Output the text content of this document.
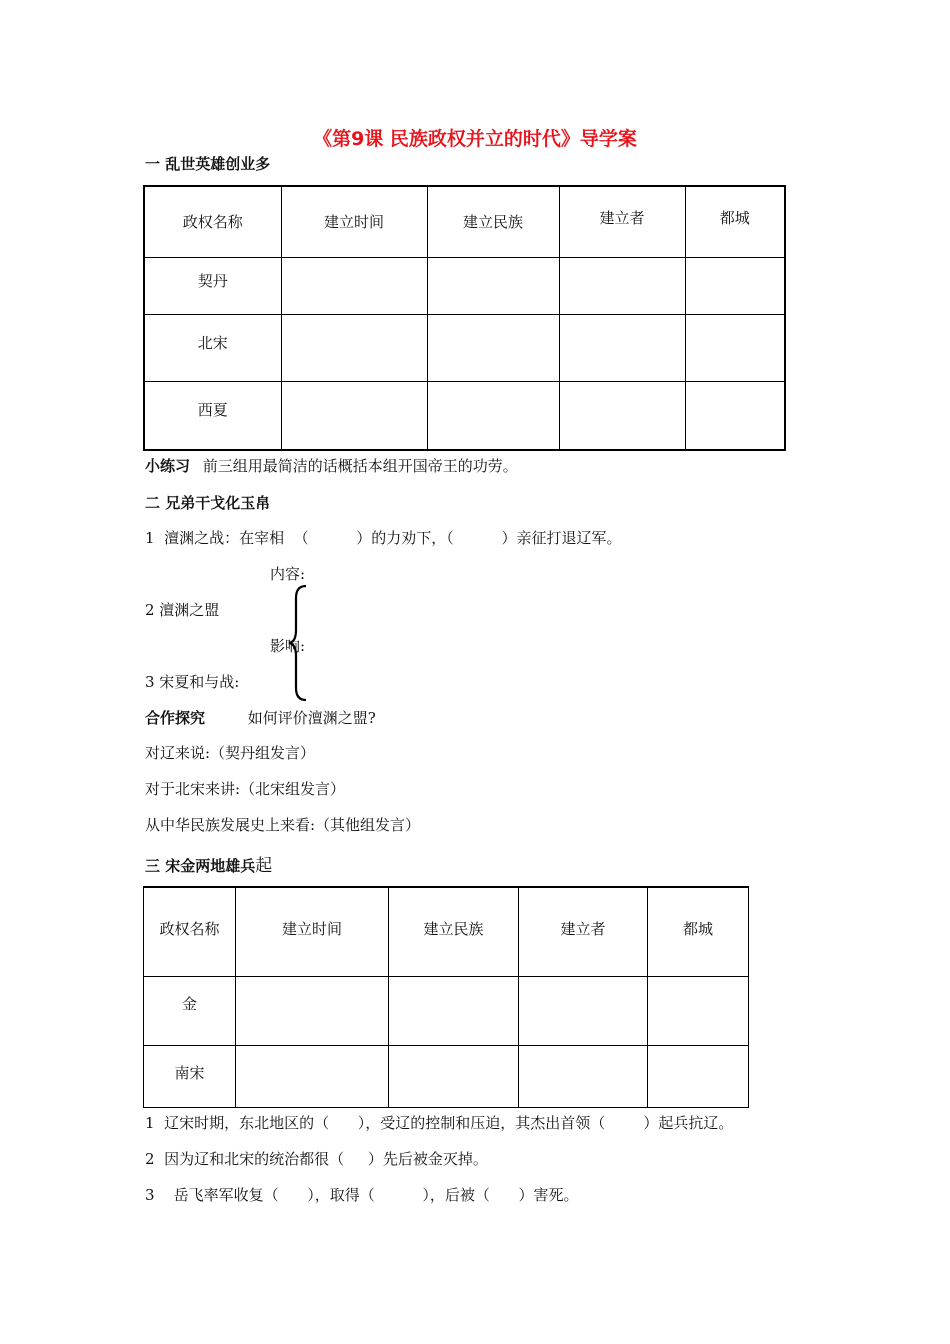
《第9课 民族政权并立的时代》导学案
一 乱世英雄创业多
政权名称	建立时间	建立民族	建立者	都城
契丹				
北宋				
西夏				
小练习 前三组用最简洁的话概括本组开国帝王的功劳。
二 兄弟干戈化玉帛
1  澶渊之战：在宰相  （          ）的力劝下，（          ）亲征打退辽军。
内容:
2 澶渊之盟
影响:
3 宋夏和与战:
合作探究	如何评价澶渊之盟?
对辽来说:（契丹组发言）
对于北宋来讲:（北宋组发言）
从中华民族发展史上来看:（其他组发言）
三 宋金两地雄兵起
政权名称	建立时间	建立民族	建立者	都城
金				
南宋				
1  辽宋时期，东北地区的（      ），受辽的控制和压迫，其杰出首领（        ）起兵抗辽。
2  因为辽和北宋的统治都很（     ）先后被金灭掉。
3    岳飞率军收复（      ），取得（          ），后被（      ）害死。
